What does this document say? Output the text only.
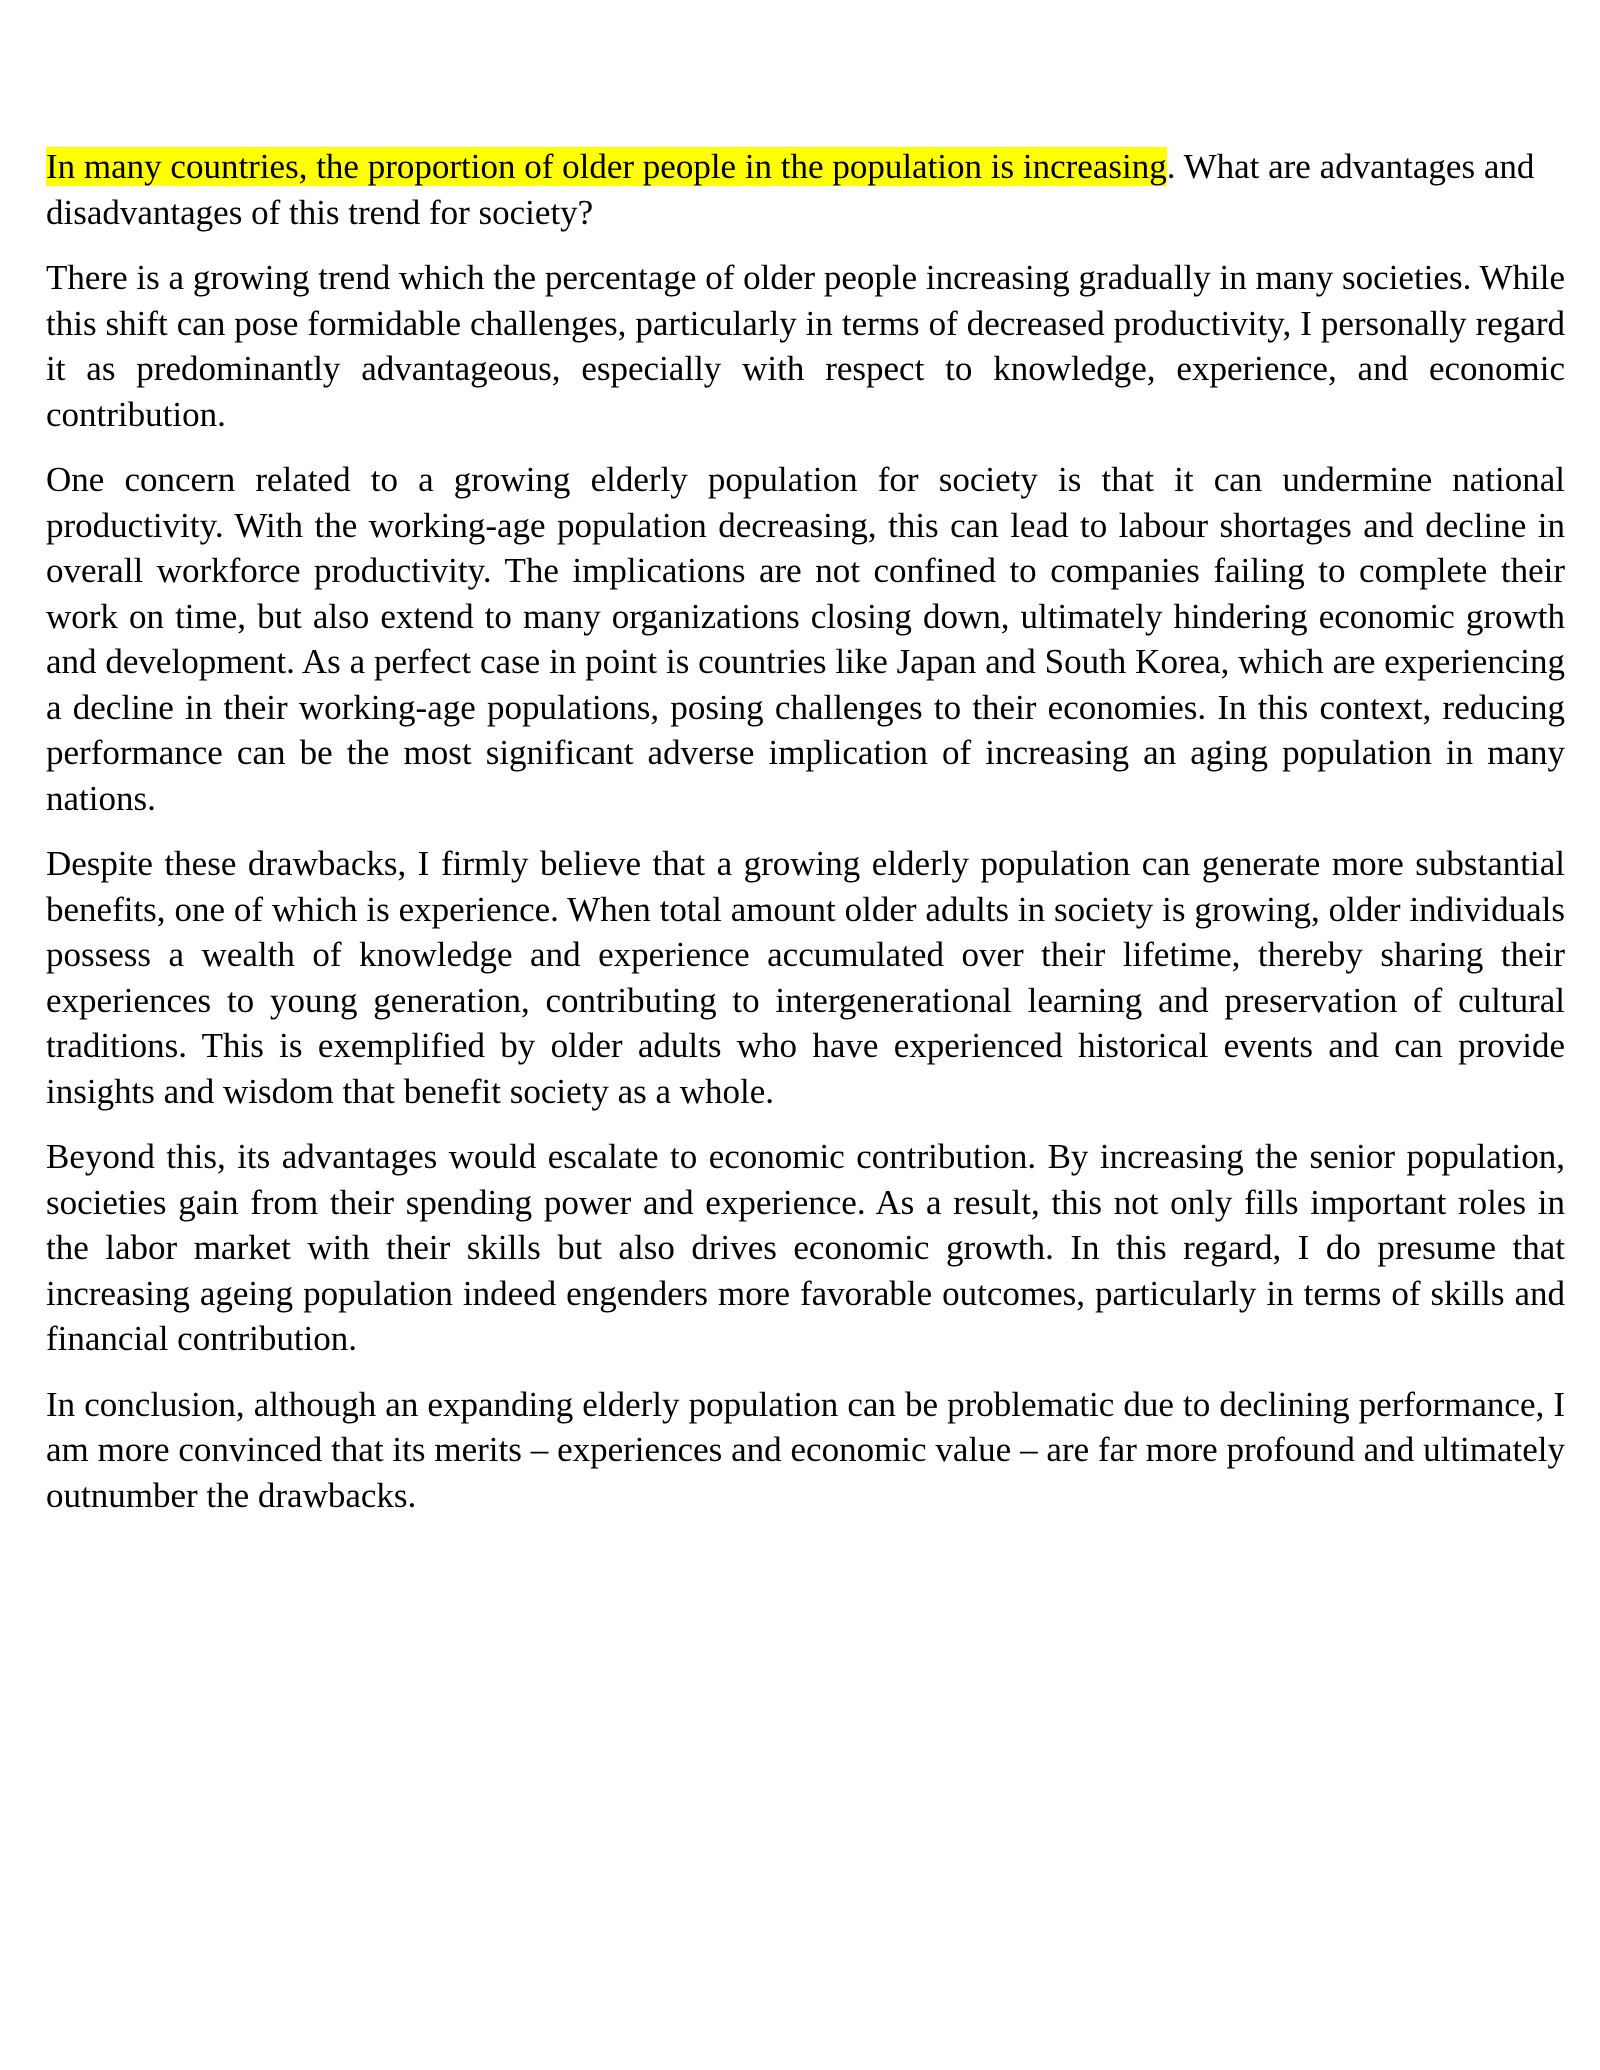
In many countries, the proportion of older people in the population is increasing. What are advantages and disadvantages of this trend for society?

There is a growing trend which the percentage of older people increasing gradually in many societies. While this shift can pose formidable challenges, particularly in terms of decreased productivity, I personally regard it as predominantly advantageous, especially with respect to knowledge, experience, and economic contribution.

One concern related to a growing elderly population for society is that it can undermine national productivity. With the working-age population decreasing, this can lead to labour shortages and decline in overall workforce productivity. The implications are not confined to companies failing to complete their work on time, but also extend to many organizations closing down, ultimately hindering economic growth and development. As a perfect case in point is countries like Japan and South Korea, which are experiencing a decline in their working-age populations, posing challenges to their economies. In this context, reducing performance can be the most significant adverse implication of increasing an aging population in many nations.

Despite these drawbacks, I firmly believe that a growing elderly population can generate more substantial benefits, one of which is experience. When total amount older adults in society is growing, older individuals possess a wealth of knowledge and experience accumulated over their lifetime, thereby sharing their experiences to young generation, contributing to intergenerational learning and preservation of cultural traditions. This is exemplified by older adults who have experienced historical events and can provide insights and wisdom that benefit society as a whole.

Beyond this, its advantages would escalate to economic contribution. By increasing the senior population, societies gain from their spending power and experience. As a result, this not only fills important roles in the labor market with their skills but also drives economic growth. In this regard, I do presume that increasing ageing population indeed engenders more favorable outcomes, particularly in terms of skills and financial contribution.

In conclusion, although an expanding elderly population can be problematic due to declining performance, I am more convinced that its merits – experiences and economic value – are far more profound and ultimately outnumber the drawbacks.
